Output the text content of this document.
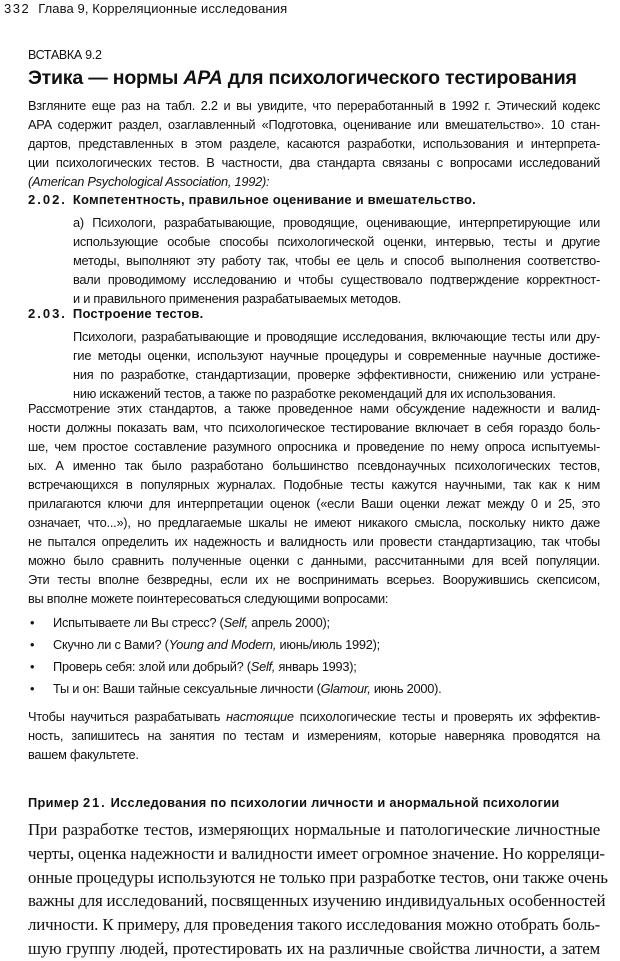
332 Глава 9, Корреляционные исследования
ВСТАВКА 9.2
Этика — нормы APA для психологического тестирования
Взгляните еще раз на табл. 2.2 и вы увидите, что переработанный в 1992 г. Этический кодекс
APA содержит раздел, озаглавленный «Подготовка, оценивание или вмешательство». 10 стан-
дартов, представленных в этом разделе, касаются разработки, использования и интерпрета-
ции психологических тестов. В частности, два стандарта связаны с вопросами исследований
(American Psychological Association, 1992):
2.02. Компетентность, правильное оценивание и вмешательство.
а) Психологи, разрабатывающие, проводящие, оценивающие, интерпретирующие или
использующие особые способы психологической оценки, интервью, тесты и другие
методы, выполняют эту работу так, чтобы ее цель и способ выполнения соответство-
вали проводимому исследованию и чтобы существовало подтверждение корректност-
и и правильного применения разрабатываемых методов.
2.03. Построение тестов.
Психологи, разрабатывающие и проводящие исследования, включающие тесты или дру-
гие методы оценки, используют научные процедуры и современные научные достиже-
ния по разработке, стандартизации, проверке эффективности, снижению или устране-
нию искажений тестов, а также по разработке рекомендаций для их использования.
Рассмотрение этих стандартов, а также проведенное нами обсуждение надежности и валид-
ности должны показать вам, что психологическое тестирование включает в себя гораздо боль-
ше, чем простое составление разумного опросника и проведение по нему опроса испытуемы-
ых. А именно так было разработано большинство псевдонаучных психологических тестов,
встречающихся в популярных журналах. Подобные тесты кажутся научными, так как к ним
прилагаются ключи для интерпретации оценок («если Ваши оценки лежат между 0 и 25, это
означает, что...»), но предлагаемые шкалы не имеют никакого смысла, поскольку никто даже
не пытался определить их надежность и валидность или провести стандартизацию, так чтобы
можно было сравнить полученные оценки с данными, рассчитанными для всей популяции.
Эти тесты вполне безвредны, если их не воспринимать всерьез. Вооружившись скепсисом,
вы вполне можете поинтересоваться следующими вопросами:
• Испытываете ли Вы стресс? (Self, апрель 2000);
• Скучно ли с Вами? (Young and Modern, июнь/июль 1992);
• Проверь себя: злой или добрый? (Self, январь 1993);
• Ты и он: Ваши тайные сексуальные личности (Glamour, июнь 2000).
Чтобы научиться разрабатывать настоящие психологические тесты и проверять их эффектив-
ность, запишитесь на занятия по тестам и измерениям, которые наверняка проводятся на
вашем факультете.
Пример 21. Исследования по психологии личности и анормальной психологии
При разработке тестов, измеряющих нормальные и патологические личностные
черты, оценка надежности и валидности имеет огромное значение. Но корреляци-
онные процедуры используются не только при разработке тестов, они также очень
важны для исследований, посвященных изучению индивидуальных особенностей
личности. К примеру, для проведения такого исследования можно отобрать боль-
шую группу людей, протестировать их на различные свойства личности, а затем
